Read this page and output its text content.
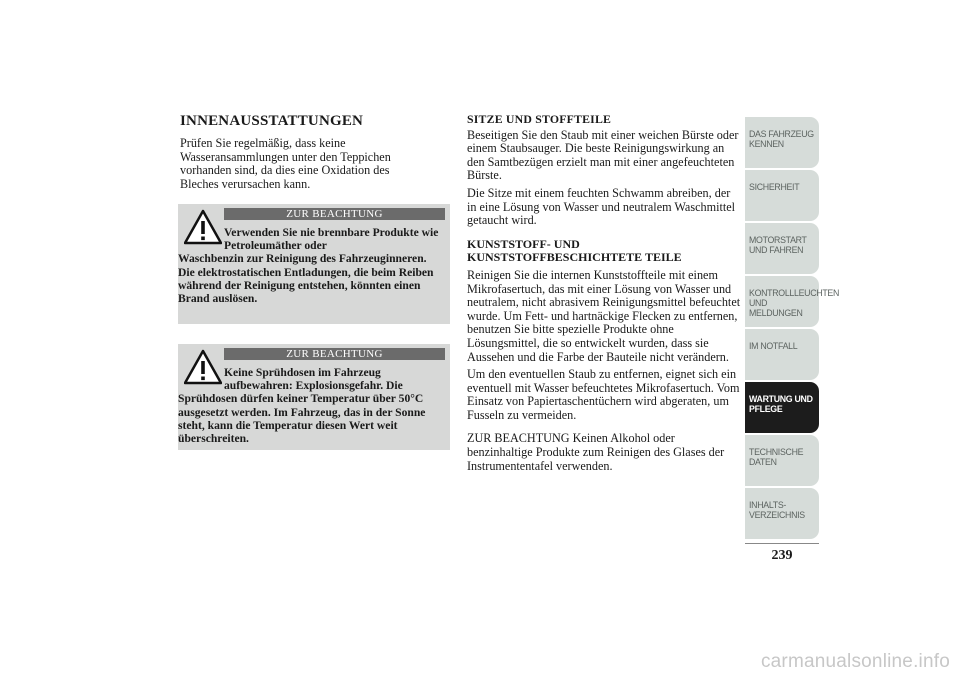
INNENAUSSTATTUNGEN

Prüfen Sie regelmäßig, dass keine Wasseransammlungen unter den Teppichen vorhanden sind, da dies eine Oxidation des Bleches verursachen kann.

ZUR BEACHTUNG
Verwenden Sie nie brennbare Produkte wie Petroleumäther oder
Waschbenzin zur Reinigung des Fahrzeuginneren. Die elektrostatischen Entladungen, die beim Reiben während der Reinigung entstehen, könnten einen Brand auslösen.
ZUR BEACHTUNG
Keine Sprühdosen im Fahrzeug aufbewahren: Explosionsgefahr. Die
Sprühdosen dürfen keiner Temperatur über 50°C ausgesetzt werden. Im Fahrzeug, das in der Sonne steht, kann die Temperatur diesen Wert weit überschreiten.

SITZE UND STOFFTEILE

Beseitigen Sie den Staub mit einer weichen Bürste oder einem Staubsauger. Die beste Reinigungswirkung an den Samtbezügen erzielt man mit einer angefeuchteten Bürste.

Die Sitze mit einem feuchten Schwamm abreiben, der in eine Lösung von Wasser und neutralem Waschmittel getaucht wird.

KUNSTSTOFF- UND KUNSTSTOFFBESCHICHTETE TEILE

Reinigen Sie die internen Kunststoffteile mit einem Mikrofasertuch, das mit einer Lösung von Wasser und neutralem, nicht abrasivem Reinigungsmittel befeuchtet wurde. Um Fett- und hartnäckige Flecken zu entfernen, benutzen Sie bitte spezielle Produkte ohne Lösungsmittel, die so entwickelt wurden, dass sie Aussehen und die Farbe der Bauteile nicht verändern.

Um den eventuellen Staub zu entfernen, eignet sich ein eventuell mit Wasser befeuchtetes Mikrofasertuch. Vom Einsatz von Papiertaschentüchern wird abgeraten, um Fusseln zu vermeiden.

ZUR BEACHTUNG Keinen Alkohol oder benzinhaltige Produkte zum Reinigen des Glases der Instrumententafel verwenden.

DAS FAHRZEUG KENNEN
SICHERHEIT
MOTORSTART UND FAHREN
KONTROLLLEUCHTEN UND MELDUNGEN
IM NOTFALL
WARTUNG UND PFLEGE
TECHNISCHE DATEN
INHALTS-VERZEICHNIS
239
carmanualsonline.info
